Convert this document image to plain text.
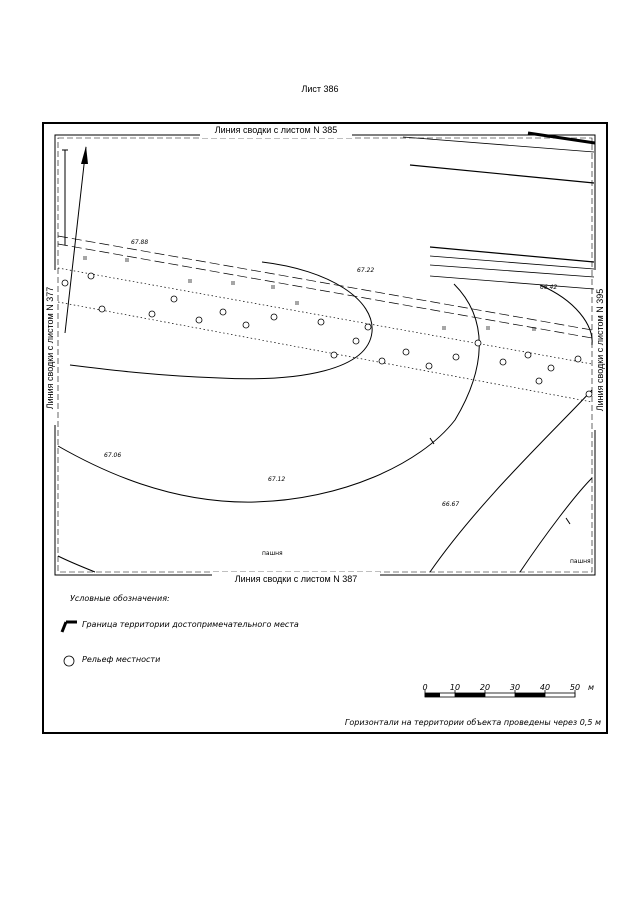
Лист 386
Линия сводки с листом N 385
Линия сводки с листом N 387
Линия сводки с листом N 377	Линия сводки с листом N 395
67.88
67.22
66.42
67.06
67.12
66.67
пашня
пашня
Условные обозначения:
Граница территории достопримечательного места
Рельеф местности
0	10 20 30 40 50 м
Горизонтали на территории объекта проведены через 0,5 м
